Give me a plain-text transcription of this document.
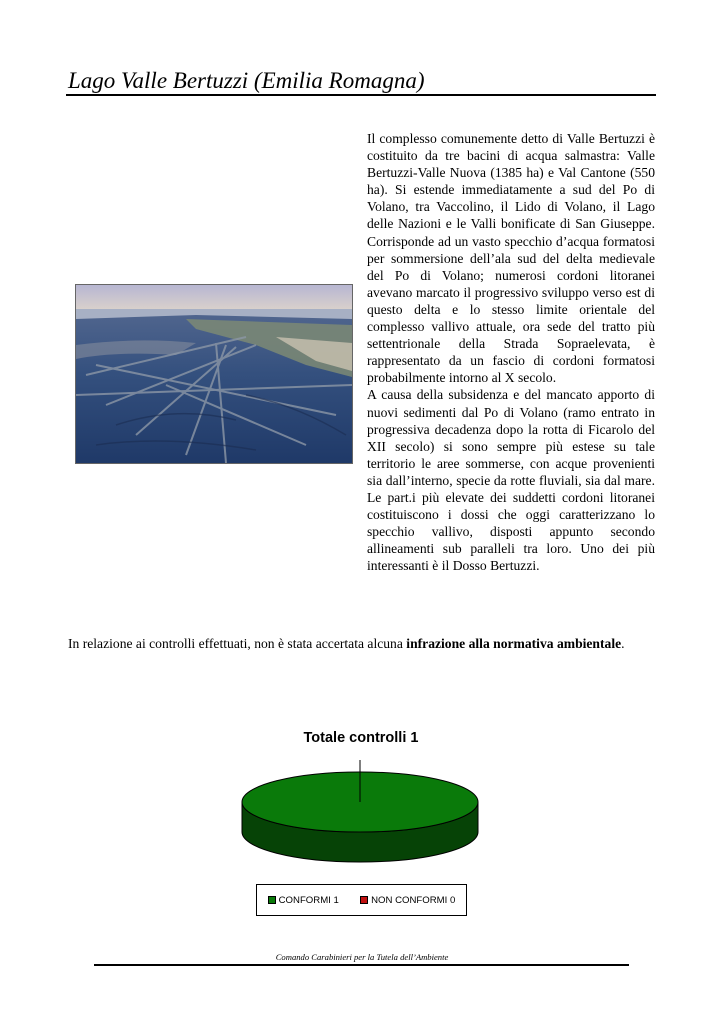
Lago Valle Bertuzzi (Emilia Romagna)

Il complesso comunemente detto di Valle Bertuzzi è costituito da tre bacini di acqua salmastra: Valle Bertuzzi-Valle Nuova (1385 ha) e Val Cantone (550 ha). Si estende immediatamente a sud del Po di Volano, tra Vaccolino, il Lido di Volano, il Lago delle Nazioni e le Valli bonificate di San Giuseppe. Corrisponde ad un vasto specchio d’acqua formatosi per sommersione dell’ala sud del delta medievale del Po di Volano; numerosi cordoni litoranei avevano marcato il progressivo sviluppo verso est di questo delta e lo stesso limite orientale del complesso vallivo attuale, ora sede del tratto più settentrionale della Strada Sopraelevata, è rappresentato da un fascio di cordoni formatosi probabilmente intorno al X secolo.

A causa della subsidenza e del mancato apporto di nuovi sedimenti dal Po di Volano (ramo entrato in progressiva decadenza dopo la rotta di Ficarolo del XII secolo) si sono sempre più estese su tale territorio le aree sommerse, con acque provenienti sia dall’interno, specie da rotte fluviali, sia dal mare. Le part.i più elevate dei suddetti cordoni litoranei costituiscono i dossi che oggi caratterizzano lo specchio vallivo, disposti appunto secondo allineamenti sub paralleli tra loro. Uno dei più interessanti è il Dosso Bertuzzi.

In relazione ai controlli effettuati, non è stata accertata alcuna infrazione alla normativa ambientale.
Totale controlli 1
CONFORMI 1	NON CONFORMI 0
Comando Carabinieri per la Tutela dell’Ambiente
